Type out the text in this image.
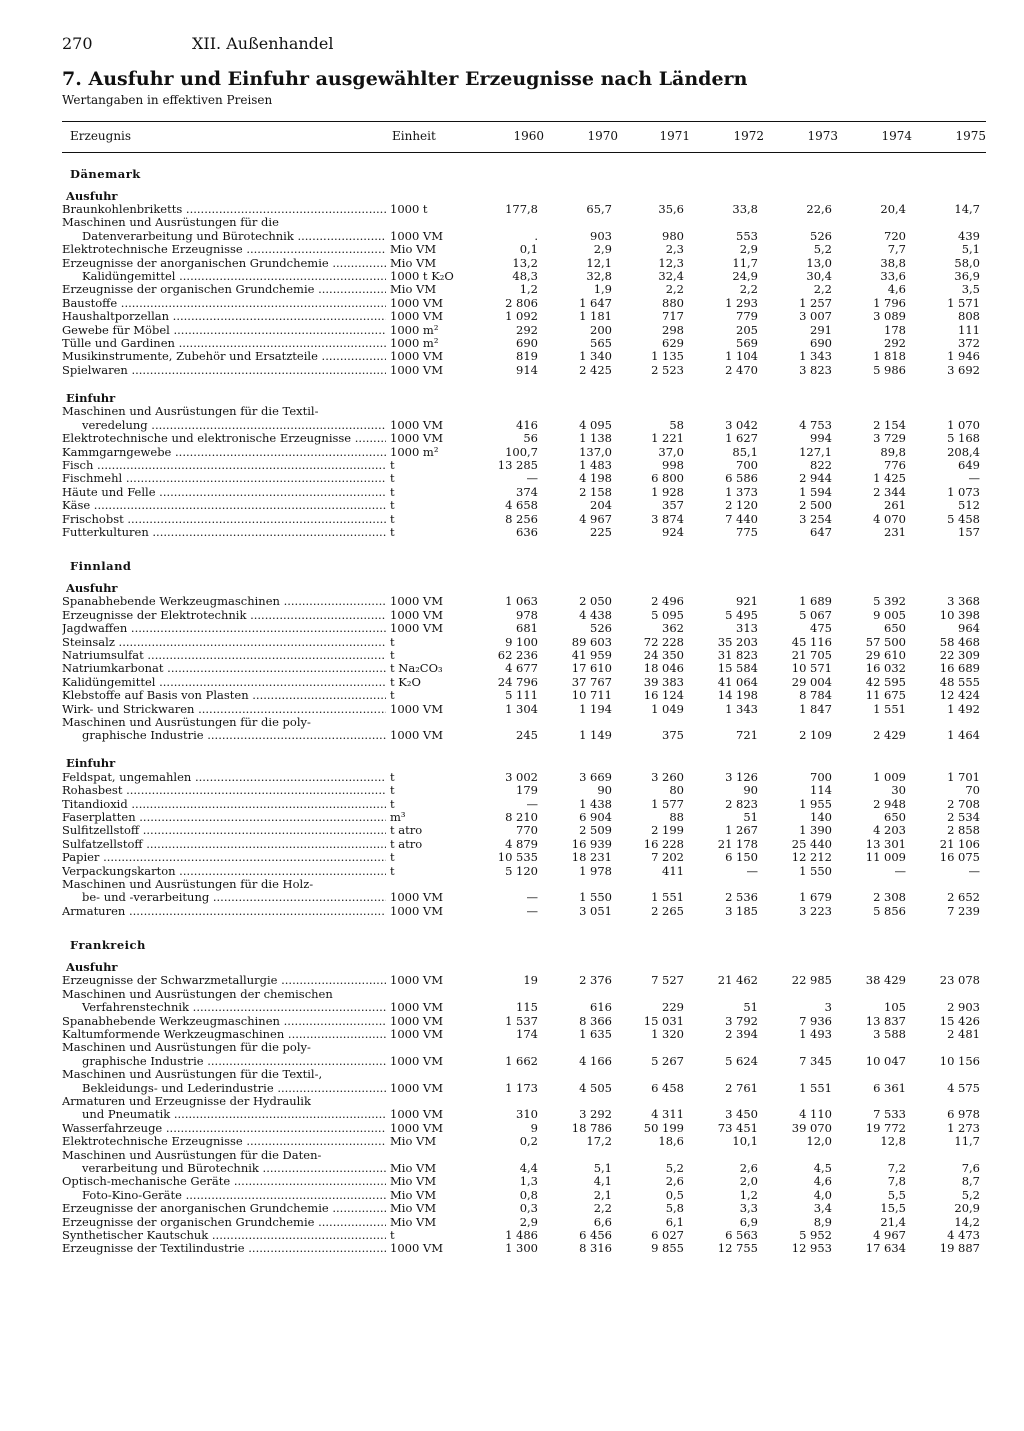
270	XII. Außenhandel
7. Ausfuhr und Einfuhr ausgewählter Erzeugnisse nach Ländern
Wertangaben in effektiven Preisen
Erzeugnis	Einheit	1960	1970	1971	1972	1973	1974	1975
Dänemark								
Ausfuhr								
Braunkohlenbriketts .....	1000 t	177,8	65,7	35,6	33,8	22,6	20,4	14,7
Maschinen und Ausrüstungen für die								
Datenverarbeitung und Bürotechnik .....	1000 VM	.	903	980	553	526	720	439
Elektrotechnische Erzeugnisse .....	Mio VM	0,1	2,9	2,3	2,9	5,2	7,7	5,1
Erzeugnisse der anorganischen Grundchemie .....	Mio VM	13,2	12,1	12,3	11,7	13,0	38,8	58,0
Kalidüngemittel .....	1000 t K₂O	48,3	32,8	32,4	24,9	30,4	33,6	36,9
Erzeugnisse der organischen Grundchemie .....	Mio VM	1,2	1,9	2,2	2,2	2,2	4,6	3,5
Baustoffe .....	1000 VM	2 806	1 647	880	1 293	1 257	1 796	1 571
Haushaltporzellan .....	1000 VM	1 092	1 181	717	779	3 007	3 089	808
Gewebe für Möbel .....	1000 m²	292	200	298	205	291	178	111
Tülle und Gardinen .....	1000 m²	690	565	629	569	690	292	372
Musikinstrumente, Zubehör und Ersatzteile .....	1000 VM	819	1 340	1 135	1 104	1 343	1 818	1 946
Spielwaren .....	1000 VM	914	2 425	2 523	2 470	3 823	5 986	3 692

Einfuhr								
Maschinen und Ausrüstungen für die Textil-								
veredelung .....	1000 VM	416	4 095	58	3 042	4 753	2 154	1 070
Elektrotechnische und elektronische Erzeugnisse .....	1000 VM	56	1 138	1 221	1 627	994	3 729	5 168
Kammgarngewebe .....	1000 m²	100,7	137,0	37,0	85,1	127,1	89,8	208,4
Fisch .....	t	13 285	1 483	998	700	822	776	649
Fischmehl .....	t	—	4 198	6 800	6 586	2 944	1 425	—
Häute und Felle .....	t	374	2 158	1 928	1 373	1 594	2 344	1 073
Käse .....	t	4 658	204	357	2 120	2 500	261	512
Frischobst .....	t	8 256	4 967	3 874	7 440	3 254	4 070	5 458
Futterkulturen .....	t	636	225	924	775	647	231	157

Finnland								
Ausfuhr								
Spanabhebende Werkzeugmaschinen .....	1000 VM	1 063	2 050	2 496	921	1 689	5 392	3 368
Erzeugnisse der Elektrotechnik .....	1000 VM	978	4 438	5 095	5 495	5 067	9 005	10 398
Jagdwaffen .....	1000 VM	681	526	362	313	475	650	964
Steinsalz .....	t	9 100	89 603	72 228	35 203	45 116	57 500	58 468
Natriumsulfat .....	t	62 236	41 959	24 350	31 823	21 705	29 610	22 309
Natriumkarbonat .....	t Na₂CO₃	4 677	17 610	18 046	15 584	10 571	16 032	16 689
Kalidüngemittel .....	t K₂O	24 796	37 767	39 383	41 064	29 004	42 595	48 555
Klebstoffe auf Basis von Plasten .....	t	5 111	10 711	16 124	14 198	8 784	11 675	12 424
Wirk- und Strickwaren .....	1000 VM	1 304	1 194	1 049	1 343	1 847	1 551	1 492
Maschinen und Ausrüstungen für die poly-								
graphische Industrie .....	1000 VM	245	1 149	375	721	2 109	2 429	1 464

Einfuhr								
Feldspat, ungemahlen .....	t	3 002	3 669	3 260	3 126	700	1 009	1 701
Rohasbest .....	t	179	90	80	90	114	30	70
Titandioxid .....	t	—	1 438	1 577	2 823	1 955	2 948	2 708
Faserplatten .....	m³	8 210	6 904	88	51	140	650	2 534
Sulfitzellstoff .....	t atro	770	2 509	2 199	1 267	1 390	4 203	2 858
Sulfatzellstoff .....	t atro	4 879	16 939	16 228	21 178	25 440	13 301	21 106
Papier .....	t	10 535	18 231	7 202	6 150	12 212	11 009	16 075
Verpackungskarton .....	t	5 120	1 978	411	—	1 550	—	—
Maschinen und Ausrüstungen für die Holz-								
be- und -verarbeitung .....	1000 VM	—	1 550	1 551	2 536	1 679	2 308	2 652
Armaturen .....	1000 VM	—	3 051	2 265	3 185	3 223	5 856	7 239

Frankreich								
Ausfuhr								
Erzeugnisse der Schwarzmetallurgie .....	1000 VM	19	2 376	7 527	21 462	22 985	38 429	23 078
Maschinen und Ausrüstungen der chemischen								
Verfahrenstechnik .....	1000 VM	115	616	229	51	3	105	2 903
Spanabhebende Werkzeugmaschinen .....	1000 VM	1 537	8 366	15 031	3 792	7 936	13 837	15 426
Kaltumformende Werkzeugmaschinen .....	1000 VM	174	1 635	1 320	2 394	1 493	3 588	2 481
Maschinen und Ausrüstungen für die poly-								
graphische Industrie .....	1000 VM	1 662	4 166	5 267	5 624	7 345	10 047	10 156
Maschinen und Ausrüstungen für die Textil-,								
Bekleidungs- und Lederindustrie .....	1000 VM	1 173	4 505	6 458	2 761	1 551	6 361	4 575
Armaturen und Erzeugnisse der Hydraulik								
und Pneumatik .....	1000 VM	310	3 292	4 311	3 450	4 110	7 533	6 978
Wasserfahrzeuge .....	1000 VM	9	18 786	50 199	73 451	39 070	19 772	1 273
Elektrotechnische Erzeugnisse .....	Mio VM	0,2	17,2	18,6	10,1	12,0	12,8	11,7
Maschinen und Ausrüstungen für die Daten-								
verarbeitung und Bürotechnik .....	Mio VM	4,4	5,1	5,2	2,6	4,5	7,2	7,6
Optisch-mechanische Geräte .....	Mio VM	1,3	4,1	2,6	2,0	4,6	7,8	8,7
Foto-Kino-Geräte .....	Mio VM	0,8	2,1	0,5	1,2	4,0	5,5	5,2
Erzeugnisse der anorganischen Grundchemie .....	Mio VM	0,3	2,2	5,8	3,3	3,4	15,5	20,9
Erzeugnisse der organischen Grundchemie .....	Mio VM	2,9	6,6	6,1	6,9	8,9	21,4	14,2
Synthetischer Kautschuk .....	t	1 486	6 456	6 027	6 563	5 952	4 967	4 473
Erzeugnisse der Textilindustrie .....	1000 VM	1 300	8 316	9 855	12 755	12 953	17 634	19 887
